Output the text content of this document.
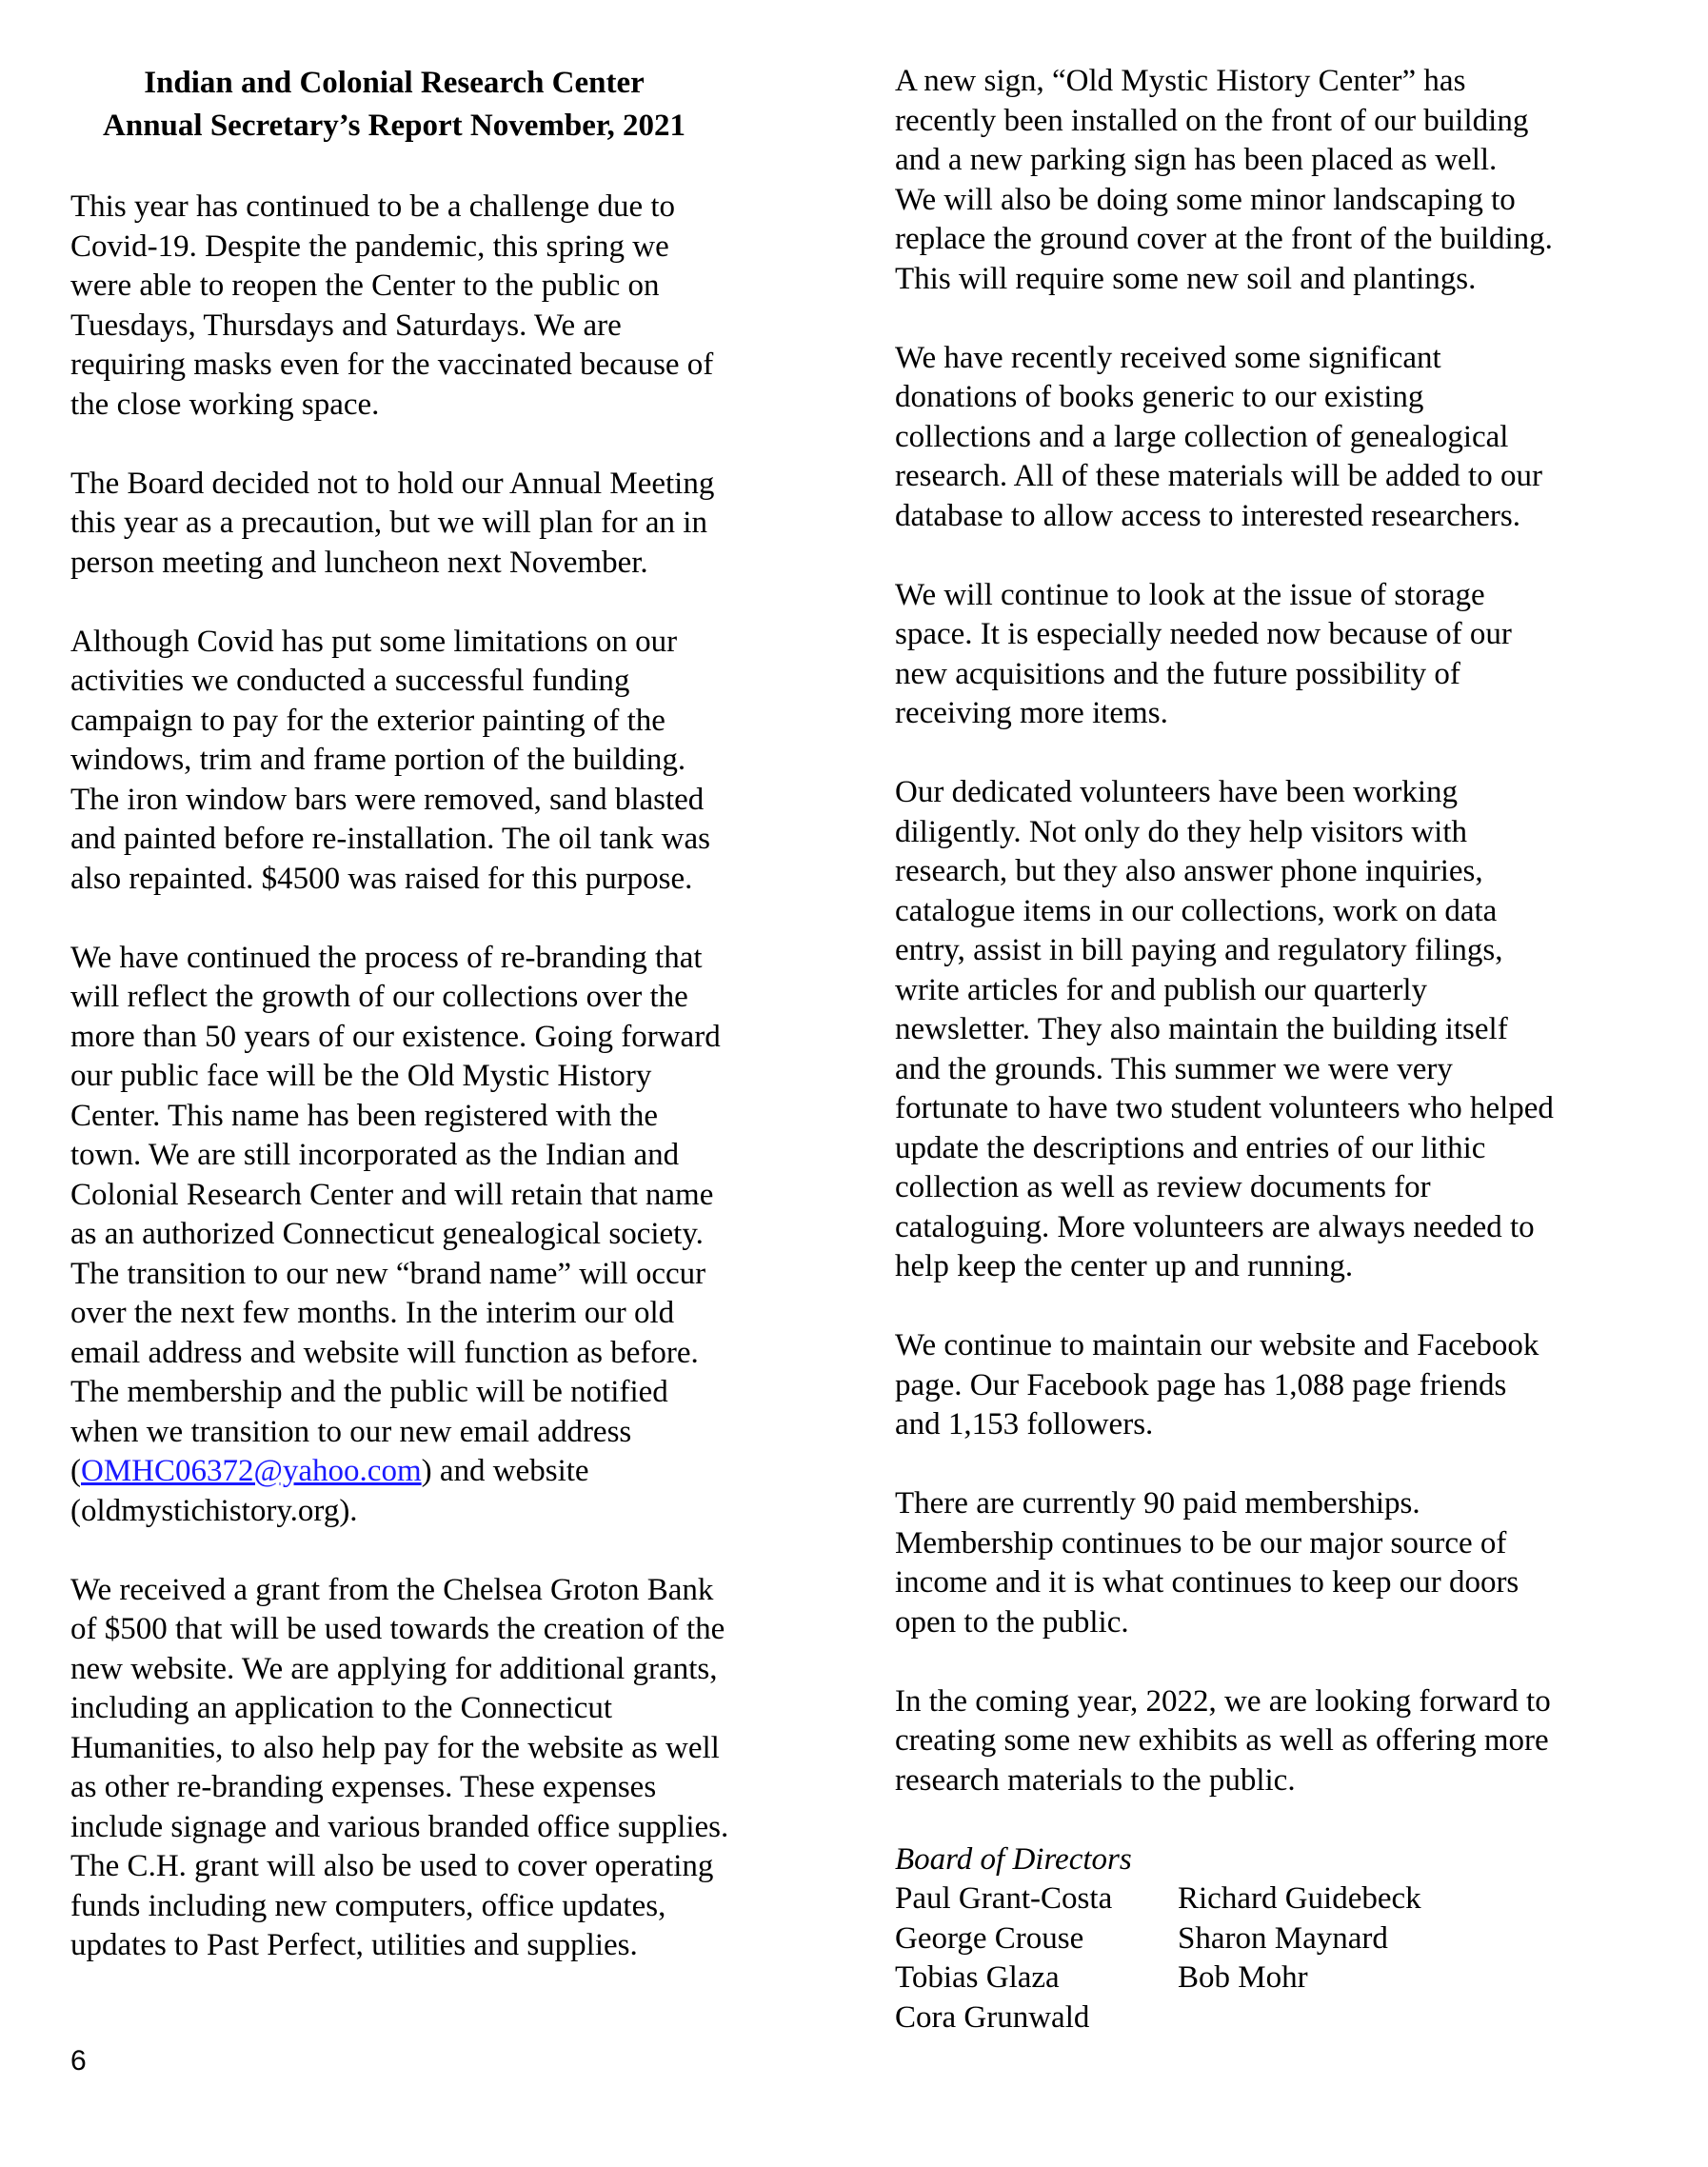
Indian and Colonial Research Center
Annual Secretary’s Report November, 2021
This year has continued to be a challenge due to
Covid-19. Despite the pandemic, this spring we
were able to reopen the Center to the public on
Tuesdays, Thursdays and Saturdays. We are
requiring masks even for the vaccinated because of
the close working space.
The Board decided not to hold our Annual Meeting
this year as a precaution, but we will plan for an in
person meeting and luncheon next November.
Although Covid has put some limitations on our
activities we conducted a successful funding
campaign to pay for the exterior painting of the
windows, trim and frame portion of the building.
The iron window bars were removed, sand blasted
and painted before re-installation. The oil tank was
also repainted. $4500 was raised for this purpose.
We have continued the process of re-branding that
will reflect the growth of our collections over the
more than 50 years of our existence. Going forward
our public face will be the Old Mystic History
Center. This name has been registered with the
town. We are still incorporated as the Indian and
Colonial Research Center and will retain that name
as an authorized Connecticut genealogical society.
The transition to our new “brand name” will occur
over the next few months. In the interim our old
email address and website will function as before.
The membership and the public will be notified
when we transition to our new email address
(OMHC06372@yahoo.com) and website
(oldmystichistory.org).
We received a grant from the Chelsea Groton Bank
of $500 that will be used towards the creation of the
new website. We are applying for additional grants,
including an application to the Connecticut
Humanities, to also help pay for the website as well
as other re-branding expenses. These expenses
include signage and various branded office supplies.
The C.H. grant will also be used to cover operating
funds including new computers, office updates,
updates to Past Perfect, utilities and supplies.
A new sign, “Old Mystic History Center” has
recently been installed on the front of our building
and a new parking sign has been placed as well.
We will also be doing some minor landscaping to
replace the ground cover at the front of the building.
This will require some new soil and plantings.
We have recently received some significant
donations of books generic to our existing
collections and a large collection of genealogical
research. All of these materials will be added to our
database to allow access to interested researchers.
We will continue to look at the issue of storage
space. It is especially needed now because of our
new acquisitions and the future possibility of
receiving more items.
Our dedicated volunteers have been working
diligently. Not only do they help visitors with
research, but they also answer phone inquiries,
catalogue items in our collections, work on data
entry, assist in bill paying and regulatory filings,
write articles for and publish our quarterly
newsletter. They also maintain the building itself
and the grounds. This summer we were very
fortunate to have two student volunteers who helped
update the descriptions and entries of our lithic
collection as well as review documents for
cataloguing. More volunteers are always needed to
help keep the center up and running.
We continue to maintain our website and Facebook
page. Our Facebook page has 1,088 page friends
and 1,153 followers.
There are currently 90 paid memberships.
Membership continues to be our major source of
income and it is what continues to keep our doors
open to the public.
In the coming year, 2022, we are looking forward to
creating some new exhibits as well as offering more
research materials to the public.
Board of Directors
Paul Grant-Costa	Richard Guidebeck
George Crouse	Sharon Maynard
Tobias Glaza	Bob Mohr
Cora Grunwald
6
